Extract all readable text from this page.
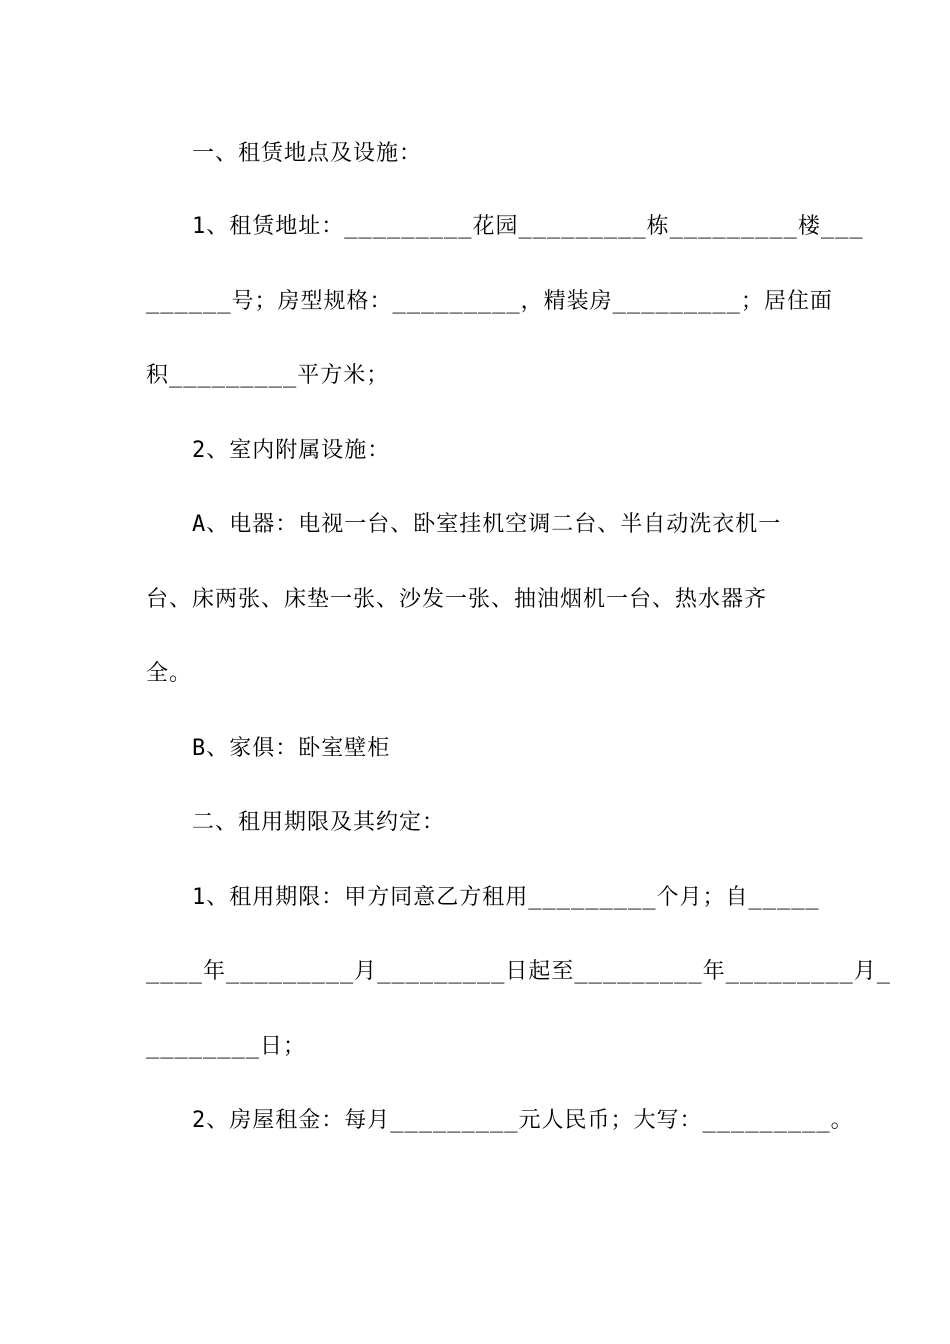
一、租赁地点及设施：
1、租赁地址：_________花园_________栋_________楼___
______号；房型规格：_________，精装房_________；居住面
积_________平方米；
2、室内附属设施：
A、电器：电视一台、卧室挂机空调二台、半自动洗衣机一
台、床两张、床垫一张、沙发一张、抽油烟机一台、热水器齐
全。
B、家俱：卧室壁柜
二、租用期限及其约定：
1、租用期限：甲方同意乙方租用_________个月；自_____
____年_________月_________日起至_________年_________月_
________日；
2、房屋租金：每月_________元人民币；大写：_________。
